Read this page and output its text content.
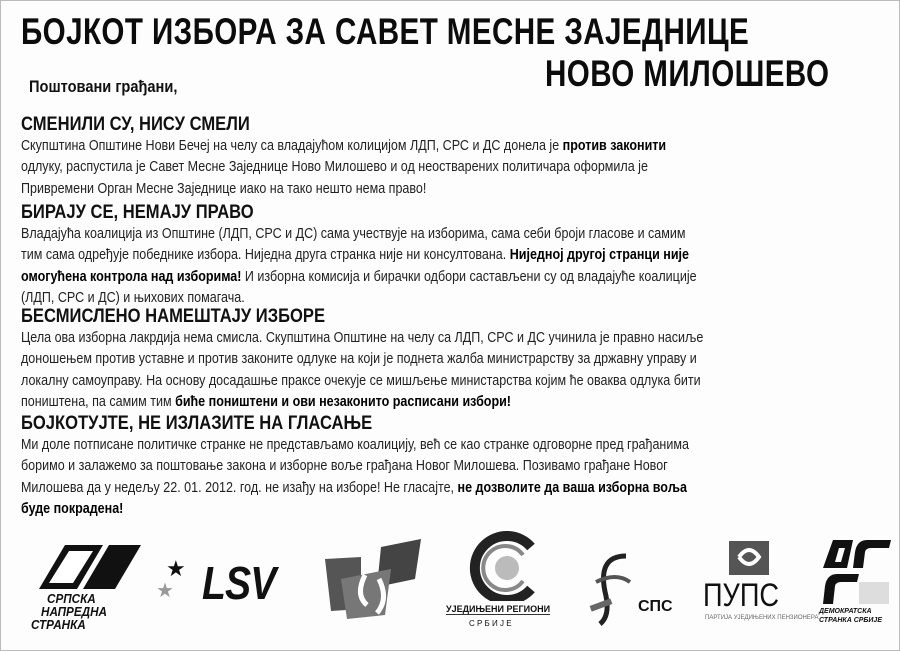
БОЈКОТ ИЗБОРА ЗА САВЕТ МЕСНЕ ЗАЈЕДНИЦЕ
НОВО МИЛОШЕВО
Поштовани грађани,
СМЕНИЛИ СУ, НИСУ СМЕЛИ
Скупштина Општине Нови Бечеј на челу са владајућом колицијом ЛДП, СРС и ДС донела је против законити
одлуку, распустила је Савет Месне Заједнице Ново Милошево и од неостварених политичара оформила је
Привремени Орган Месне Заједнице иако на тако нешто нема право!
БИРАЈУ СЕ, НЕМАЈУ ПРАВО
Владајућа коалиција из Општине (ЛДП, СРС и ДС) сама учествује на изборима, сама себи броји гласове и самим
тим сама одређује победнике избора. Ниједна друга странка није ни консултована. Ниједној другој странци није
омогућена контрола над изборима! И изборна комисија и бирачки одбори састављени су од владајуће коалиције
(ЛДП, СРС и ДС) и њихових помагача.
БЕСМИСЛЕНО НАМЕШТАЈУ ИЗБОРЕ
Цела ова изборна лакрдија нема смисла. Скупштина Општине на челу са ЛДП, СРС и ДС учинила је правно насиље
доношењем против уставне и против законите одлуке на који је поднета жалба министрарству за државну управу и
локалну самоуправу. На основу досадашње праксе очекује се мишљење министарства којим ће оваква одлука бити
поништена, па самим тим биће поништени и ови незаконито расписани избори!
БОЈКОТУЈТЕ, НЕ ИЗЛАЗИТЕ НА ГЛАСАЊЕ
Ми доле потписане политичке странке не представљамо коалицију, већ се као странке одговорне пред грађанима
боримо и залажемо за поштовање закона и изборне воље грађана Новог Милошева. Позивамо грађане Новог
Милошева да у недељу 22. 01. 2012. год. не изађу на изборе! Не гласајте, не дозволите да ваша изборна воља
буде покрадена!
СРПСКА
НАПРЕДНА
СТРАНКА
★
★ LSV	УЈЕДИЊЕНИ РЕГИОНИ
С Р Б И Ј Е
СПС ПУПС
ПАРТИЈА УЈЕДИЊЕНИХ ПЕНЗИОНЕРА
ДЕМОКРАТСКА
СТРАНКА СРБИЈЕ
